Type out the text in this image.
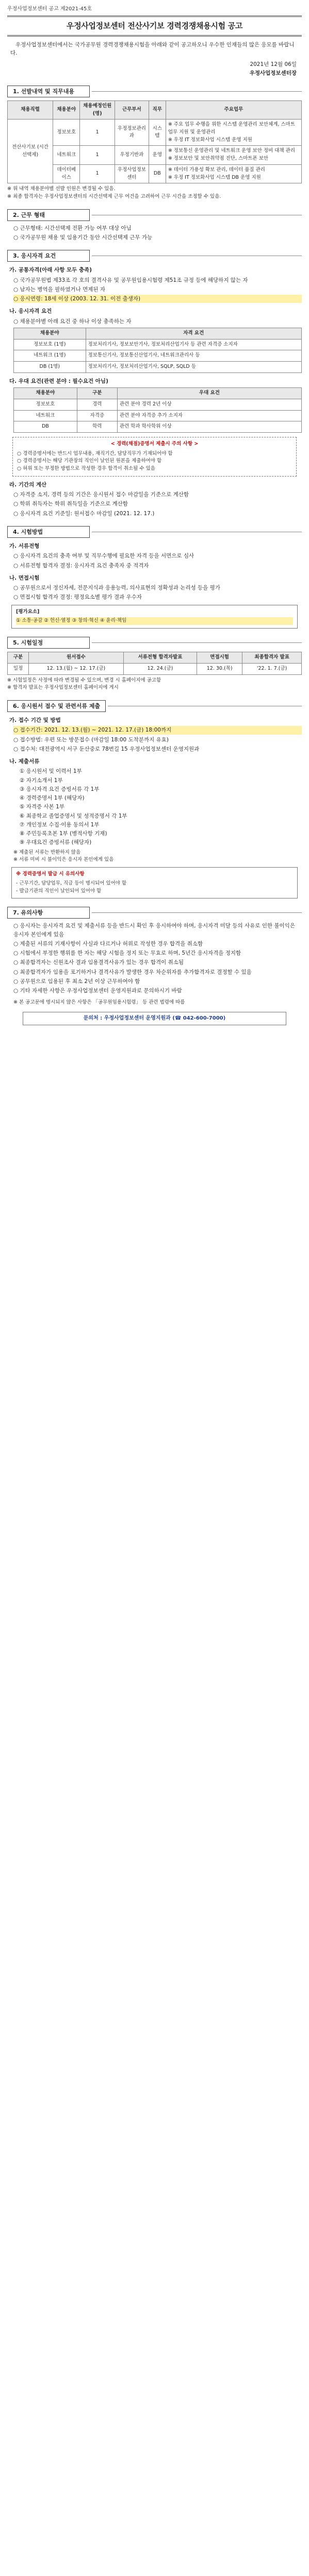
우정사업정보센터 공고 제2021-45호
우정사업정보센터 전산사기보 경력경쟁채용시험 공고
우정사업정보센터에서는 국가공무원 경력경쟁채용시험을 아래와 같이 공고하오니 우수한 인재들의 많은 응모를 바랍니다.
2021년 12월 06일
우정사업정보센터장
1. 선발내역 및 직무내용
채용직렬	채용분야	채용예정인원(명)	근무부서	직무	주요업무
전산사기보 (시간선택제)	정보보호	1	우정정보관리과	시스템	※ 주요 업무 수행을 위한 시스템 운영관리 보안체계, 스마트업무 지원 및 운영관리
※ 우정 IT 정보화사업 시스템 운영 지원
	네트워크	1	우정기반과	운영	※ 정보통신 운영관리 및 네트워크 운영 보안 정비 대책 관리
※ 정보보안 및 보안취약점 진단, 스마트폰 보안
	데이터베이스	1	우정사업정보센터	DB	※ 데이터 가용성 확보 관리, 데이터 품질 관리
※ 우정 IT 정보화사업 시스템 DB 운영 지원
※ 위 내역 채용분야별 선발 인원은 변경될 수 있음.
※ 최종 합격자는 우정사업정보센터의 시간선택제 근무 여건을 고려하여 근무 시간을 조정할 수 있음.
2. 근무 형태
○ 근무형태: 시간선택제 전환 가능 여부 대상 아님
○ 국가공무원 채용 및 임용기간 동안 시간선택제 근무 가능
3. 응시자격 요건
가. 공통자격(아래 사항 모두 충족)
○ 국가공무원법 제33조 각 호의 결격사유 및 공무원임용시험령 제51조 규정 등에 해당하지 않는 자
○ 남자는 병역을 필하였거나 면제된 자
○ 응시연령: 18세 이상 (2003. 12. 31. 이전 출생자)
나. 응시자격 요건
○ 채용분야별 아래 요건 중 하나 이상 충족하는 자
채용분야	자격 요건
정보보호 (1명)	정보처리기사, 정보보안기사, 정보처리산업기사 등 관련 자격증 소지자
네트워크 (1명)	정보통신기사, 정보통신산업기사, 네트워크관리사 등
DB (1명)	정보처리기사, 정보처리산업기사, SQLP, SQLD 등
다. 우대 요건(관련 분야 : 필수요건 아님)
채용분야	구분	우대 요건
정보보호	경력	관련 분야 경력 2년 이상
네트워크	자격증	관련 분야 자격증 추가 소지자
DB	학력	관련 학과 학사학위 이상
< 경력(채점)증명서 제출시 주의 사항 >
○ 경력증명서에는 반드시 업무내용, 재직기간, 담당직무가 기재되어야 함
○ 경력증명서는 해당 기관장의 직인이 날인된 원본을 제출하여야 함
○ 허위 또는 부정한 방법으로 작성한 경우 합격이 취소될 수 있음
라. 기간의 계산
○ 자격증 소지, 경력 등의 기간은 응시원서 접수 마감일을 기준으로 계산함
○ 학위 취득자는 학위 취득일을 기준으로 계산함
○ 응시자격 요건 기준일: 원서접수 마감일 (2021. 12. 17.)
4. 시험방법
가. 서류전형
○ 응시자격 요건의 충족 여부 및 직무수행에 필요한 자격 등을 서면으로 심사
○ 서류전형 합격자 결정: 응시자격 요건 충족자 중 적격자
나. 면접시험
○ 공무원으로서 정신자세, 전문지식과 응용능력, 의사표현의 정확성과 논리성 등을 평가
○ 면접시험 합격자 결정: 평정요소별 평가 결과 우수자
[평가요소]
① 소통·공감 ② 헌신·열정 ③ 창의·혁신 ④ 윤리·책임
5. 시험일정
구분	원서접수	서류전형 합격자발표	면접시험	최종합격자 발표
일정	12. 13.(월) ~ 12. 17.(금)	12. 24.(금)	12. 30.(목)	'22. 1. 7.(금)
※ 시험일정은 사정에 따라 변경될 수 있으며, 변경 시 홈페이지에 공고함
※ 합격자 발표는 우정사업정보센터 홈페이지에 게시
6. 응시원서 접수 및 관련서류 제출
가. 접수 기간 및 방법
○ 접수기간: 2021. 12. 13.(월) ~ 2021. 12. 17.(금) 18:00까지
○ 접수방법: 우편 또는 방문접수 (마감일 18:00 도착분까지 유효)
○ 접수처: 대전광역시 서구 둔산중로 78번길 15 우정사업정보센터 운영지원과
나. 제출서류
① 응시원서 및 이력서 1부
② 자기소개서 1부
③ 응시자격 요건 증빙서류 각 1부
④ 경력증명서 1부 (해당자)
⑤ 자격증 사본 1부
⑥ 최종학교 졸업증명서 및 성적증명서 각 1부
⑦ 개인정보 수집·이용 동의서 1부
⑧ 주민등록초본 1부 (병적사항 기재)
⑨ 우대요건 증빙서류 (해당자)
※ 제출된 서류는 반환하지 않음
※ 서류 미비 시 불이익은 응시자 본인에게 있음
※ 경력증명서 발급 시 유의사항
- 근무기간, 담당업무, 직급 등이 명시되어 있어야 함
- 발급기관의 직인이 날인되어 있어야 함
7. 유의사항
○ 응시자는 응시자격 요건 및 제출서류 등을 반드시 확인 후 응시하여야 하며, 응시자격 미달 등의 사유로 인한 불이익은 응시자 본인에게 있음
○ 제출된 서류의 기재사항이 사실과 다르거나 허위로 작성한 경우 합격을 취소함
○ 시험에서 부정한 행위를 한 자는 해당 시험을 정지 또는 무효로 하며, 5년간 응시자격을 정지함
○ 최종합격자는 신원조사 결과 임용결격사유가 있는 경우 합격이 취소됨
○ 최종합격자가 임용을 포기하거나 결격사유가 발생한 경우 차순위자를 추가합격자로 결정할 수 있음
○ 공무원으로 임용된 후 최소 2년 이상 근무하여야 함
○ 기타 자세한 사항은 우정사업정보센터 운영지원과로 문의하시기 바람
※ 본 공고문에 명시되지 않은 사항은 「공무원임용시험령」 등 관련 법령에 따름
문의처 : 우정사업정보센터 운영지원과 (☎ 042-600-7000)
